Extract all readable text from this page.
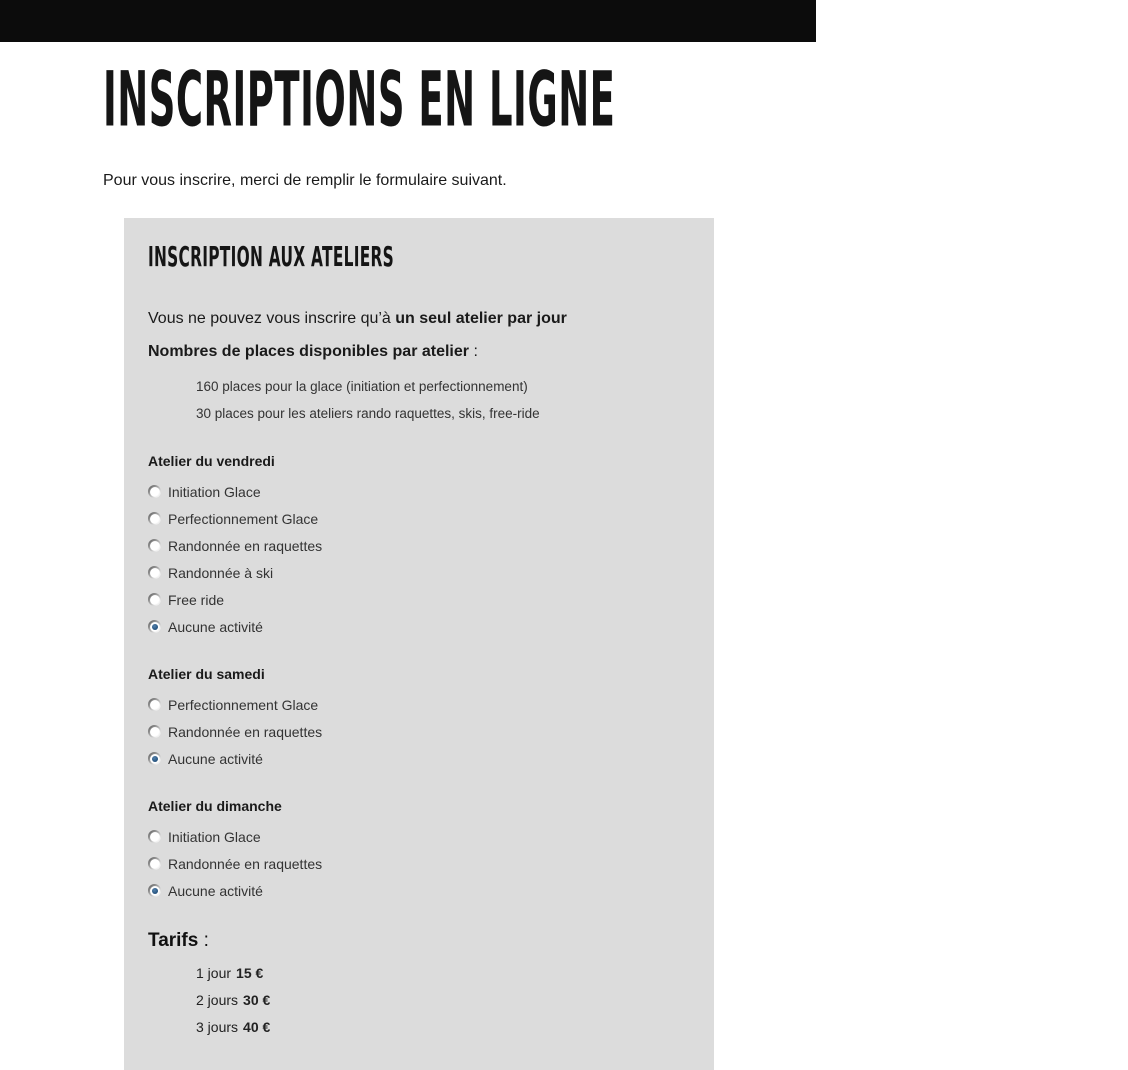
INSCRIPTIONS EN LIGNE

Pour vous inscrire, merci de remplir le formulaire suivant.

INSCRIPTION AUX ATELIERS

Vous ne pouvez vous inscrire qu’à un seul atelier par jour

Nombres de places disponibles par atelier :

160 places pour la glace (initiation et perfectionnement)

30 places pour les ateliers rando raquettes, skis, free-ride

Atelier du vendredi
Initiation Glace
Perfectionnement Glace
Randonnée en raquettes
Randonnée à ski
Free ride
Aucune activité
Atelier du samedi
Perfectionnement Glace
Randonnée en raquettes
Aucune activité
Atelier du dimanche
Initiation Glace
Randonnée en raquettes
Aucune activité
Tarifs :
1 jour 15 €
2 jours 30 €
3 jours 40 €
